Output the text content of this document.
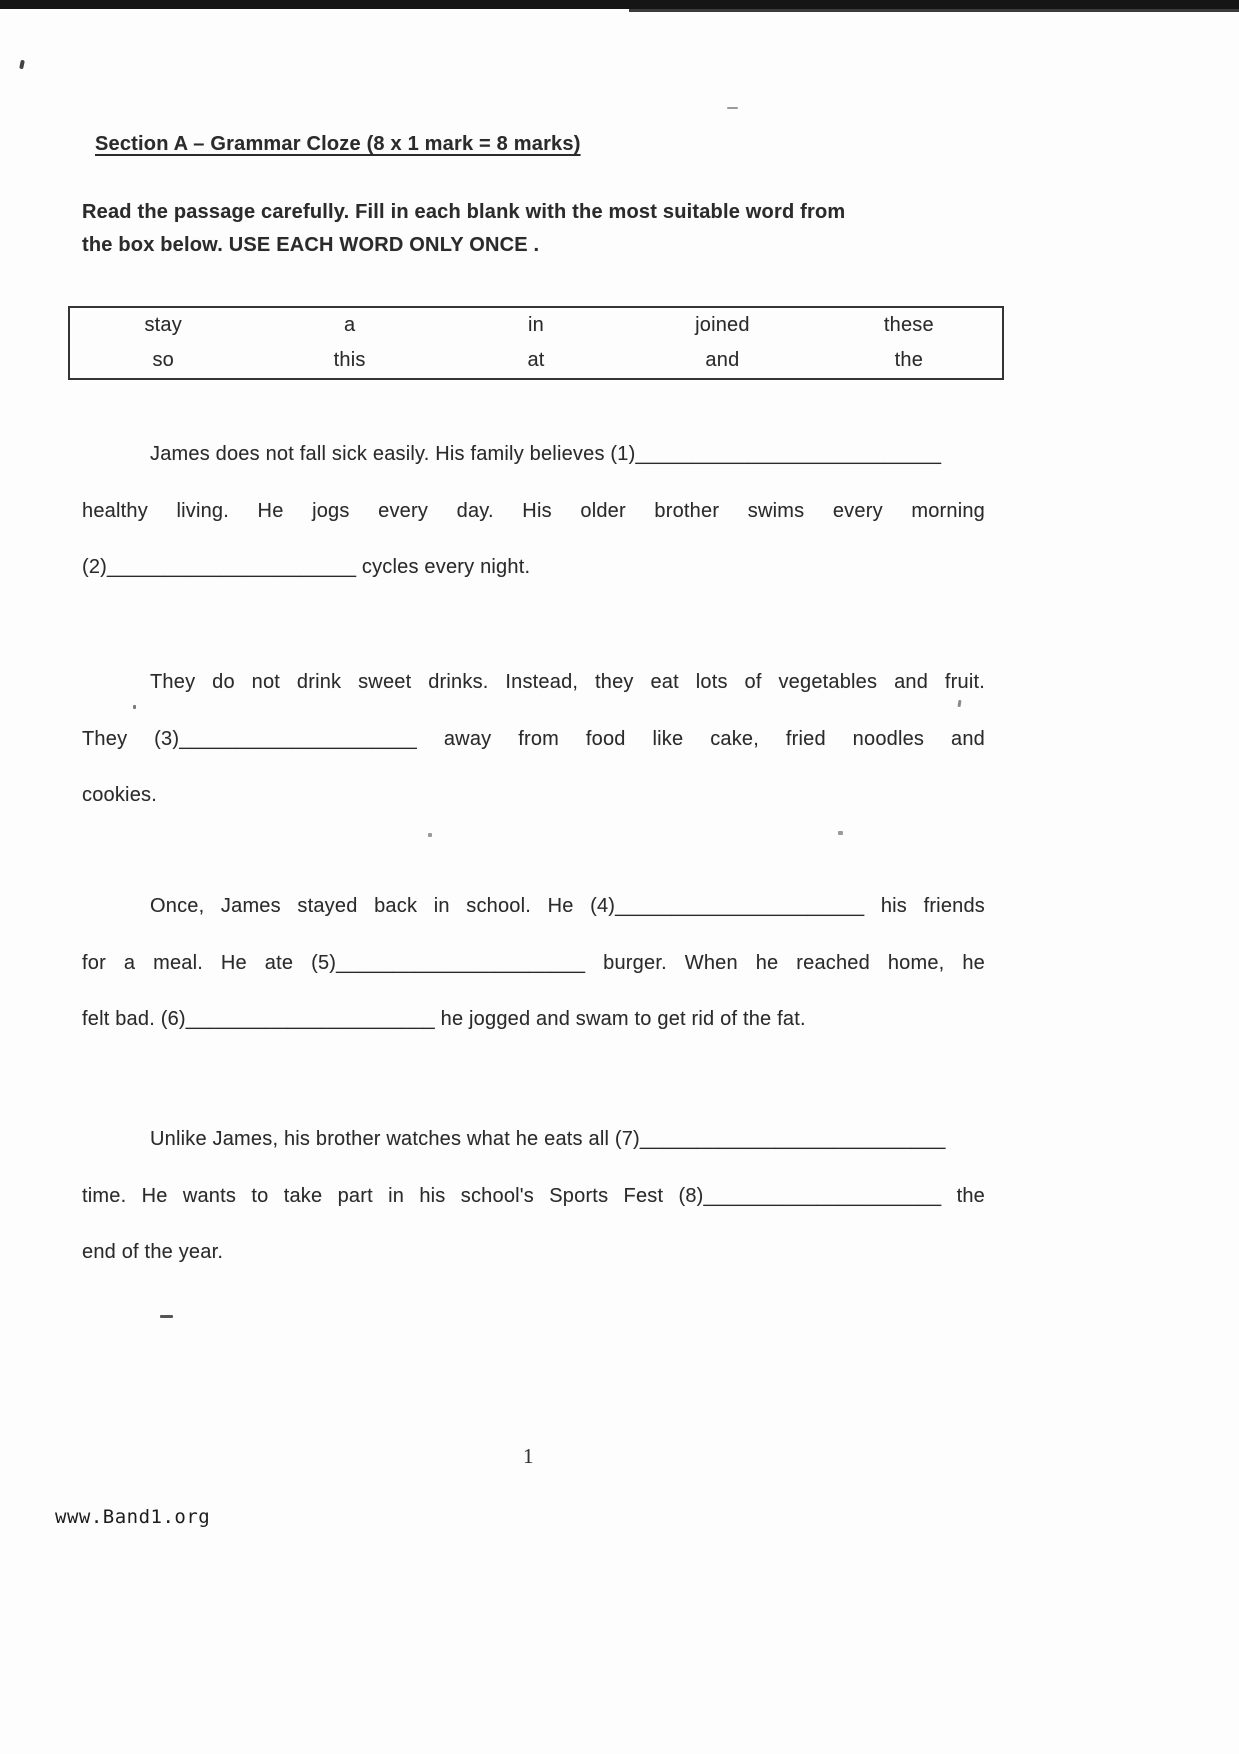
Section A – Grammar Cloze (8 x 1 mark = 8 marks)
Read the passage carefully. Fill in each blank with the most suitable word from
the box below. USE EACH WORD ONLY ONCE .
stay	a	in	joined	these
so	this	at	and	the
James does not fall sick easily. His family believes (1)___________________________
healthy living. He jogs every day. His older brother swims every morning
(2)______________________ cycles every night.
They do not drink sweet drinks. Instead, they eat lots of vegetables and fruit.
They (3)_____________________ away from food like cake, fried noodles and
cookies.
Once, James stayed back in school. He (4)______________________ his friends
for a meal. He ate (5)______________________ burger. When he reached home, he
felt bad. (6)______________________ he jogged and swam to get rid of the fat.
Unlike James, his brother watches what he eats all (7)___________________________
time. He wants to take part in his school's Sports Fest (8)_____________________ the
end of the year.
1
www.Band1.org
